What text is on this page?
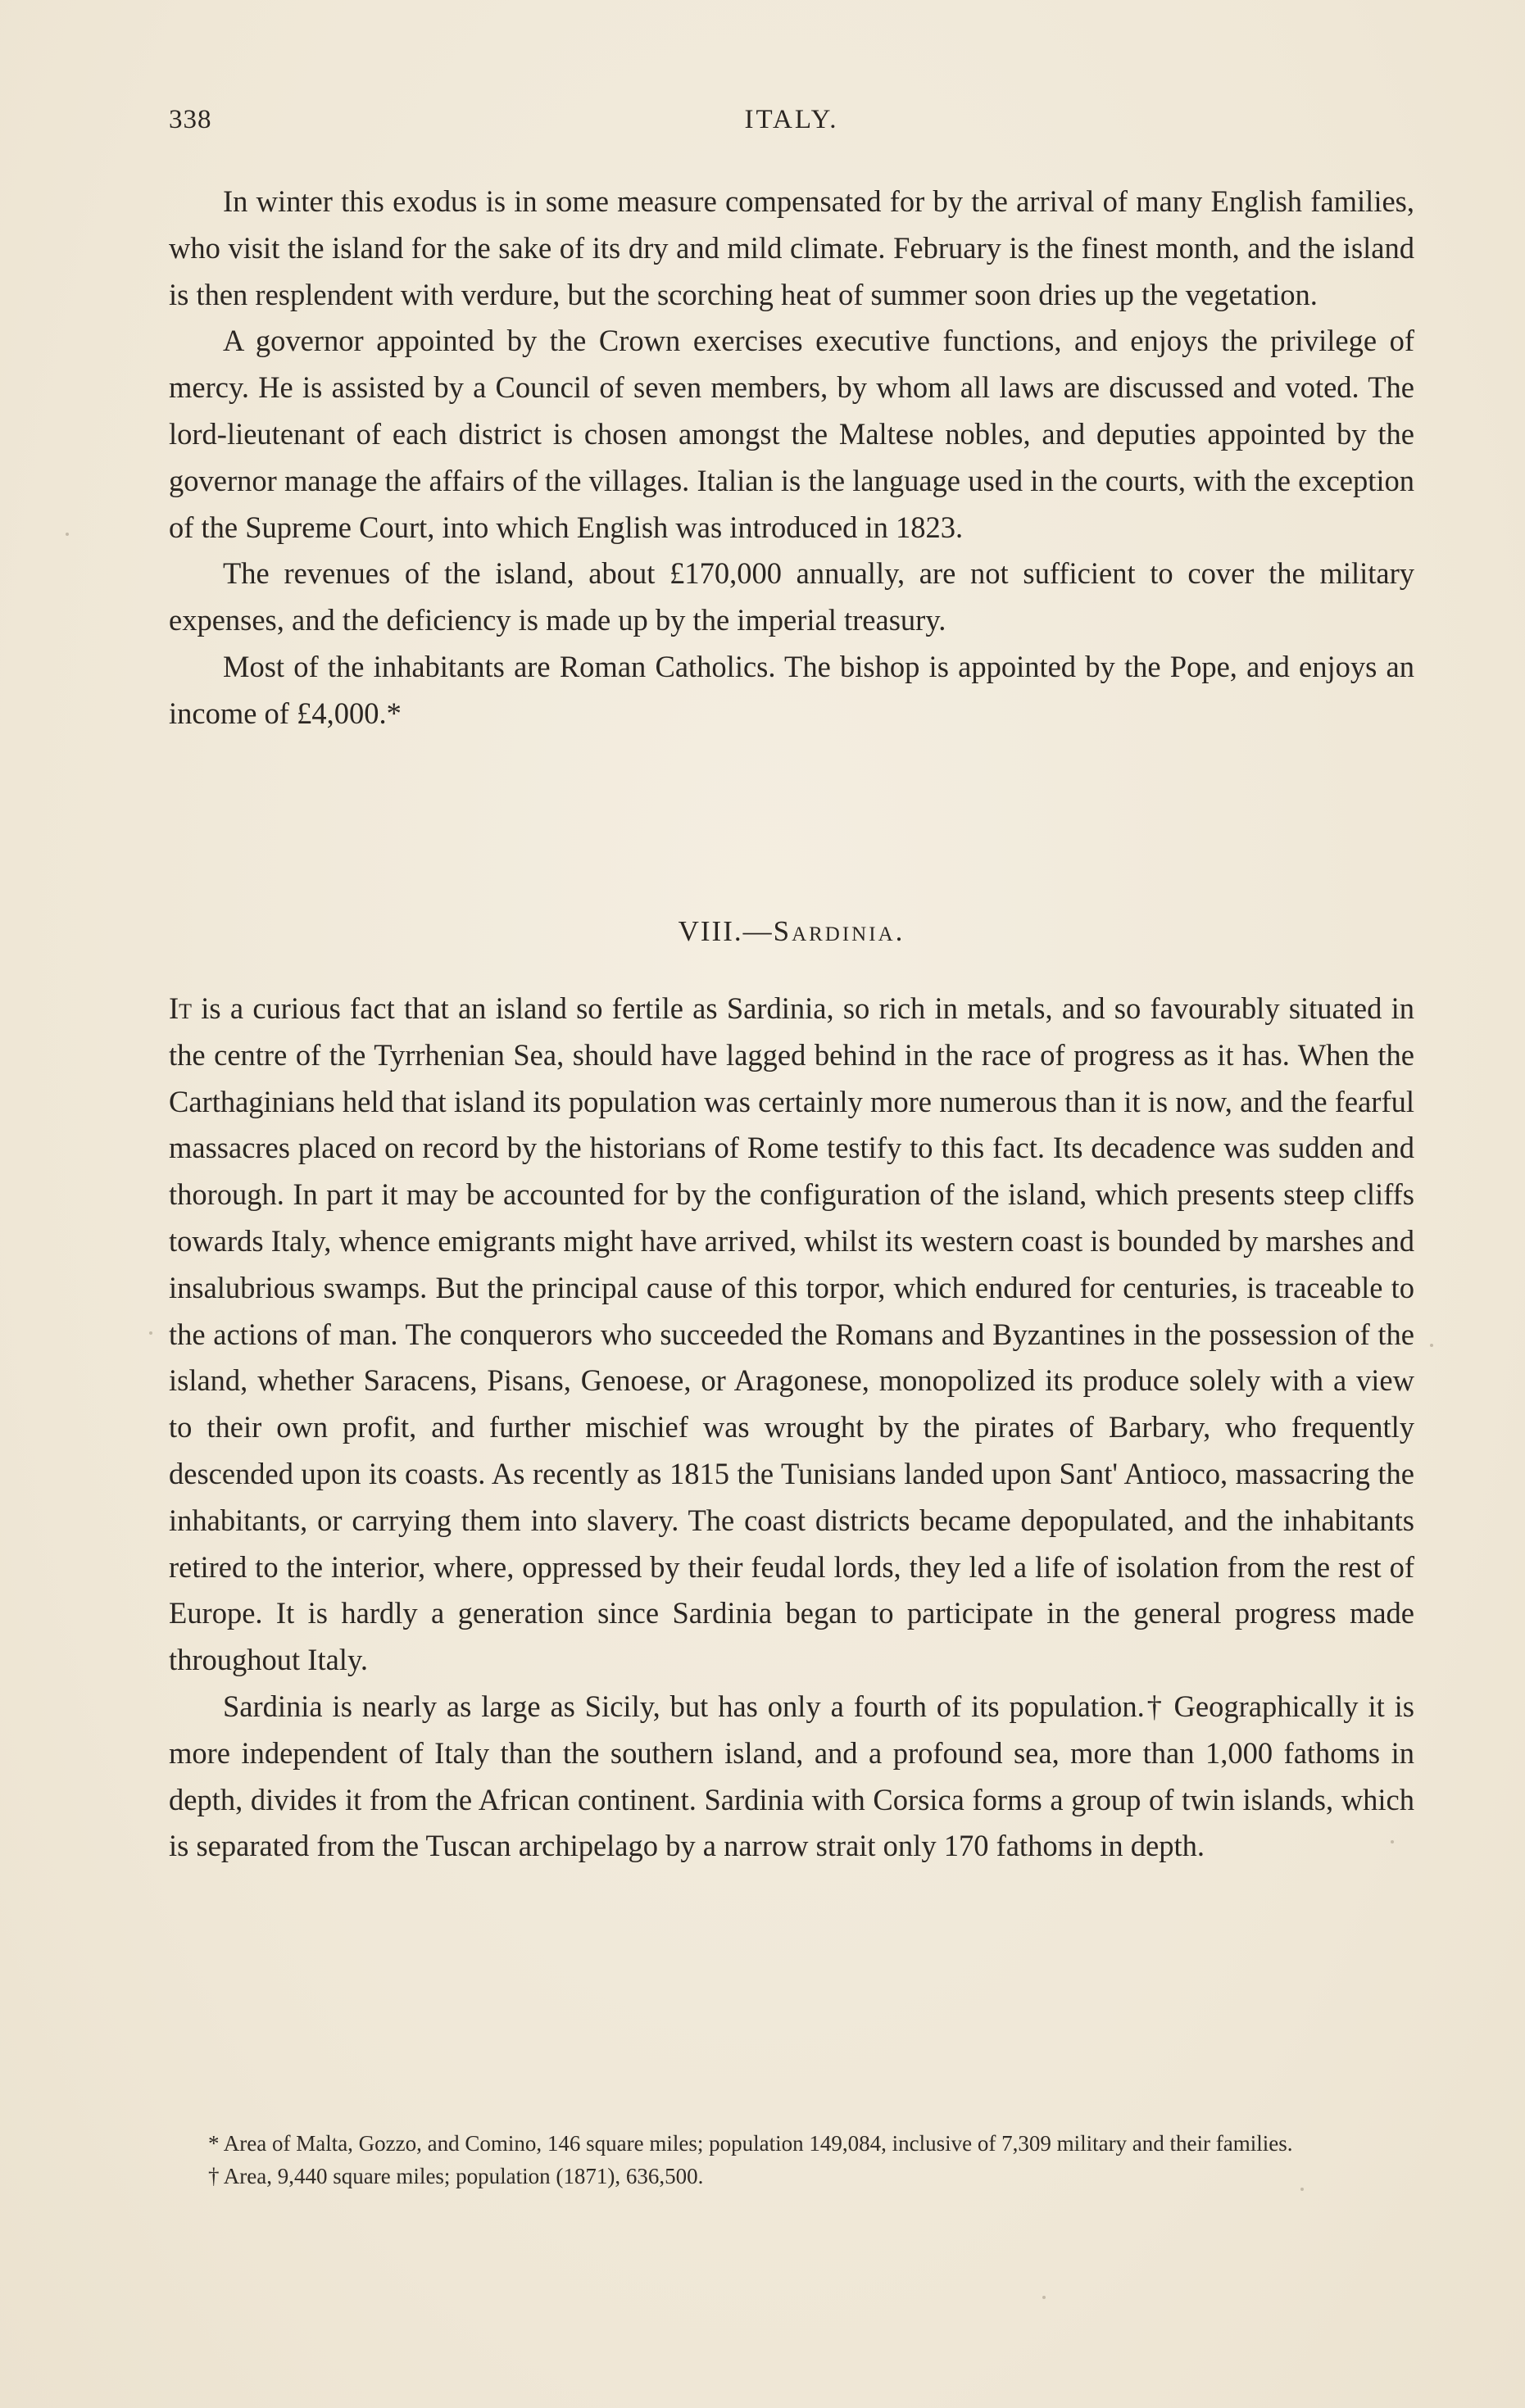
338	ITALY.

In winter this exodus is in some measure compensated for by the arrival of many English families, who visit the island for the sake of its dry and mild climate. February is the finest month, and the island is then resplendent with verdure, but the scorching heat of summer soon dries up the vegetation.

A governor appointed by the Crown exercises executive functions, and enjoys the privilege of mercy. He is assisted by a Council of seven members, by whom all laws are discussed and voted. The lord-lieutenant of each district is chosen amongst the Maltese nobles, and deputies appointed by the governor manage the affairs of the villages. Italian is the language used in the courts, with the exception of the Supreme Court, into which English was introduced in 1823.

The revenues of the island, about £170,000 annually, are not sufficient to cover the military expenses, and the deficiency is made up by the imperial treasury.

Most of the inhabitants are Roman Catholics. The bishop is appointed by the Pope, and enjoys an income of £4,000.*

VIII.—Sardinia.

It is a curious fact that an island so fertile as Sardinia, so rich in metals, and so favourably situated in the centre of the Tyrrhenian Sea, should have lagged behind in the race of progress as it has. When the Carthaginians held that island its population was certainly more numerous than it is now, and the fearful massacres placed on record by the historians of Rome testify to this fact. Its decadence was sudden and thorough. In part it may be accounted for by the configuration of the island, which presents steep cliffs towards Italy, whence emigrants might have arrived, whilst its western coast is bounded by marshes and insalubrious swamps. But the principal cause of this torpor, which endured for centuries, is traceable to the actions of man. The conquerors who succeeded the Romans and Byzantines in the possession of the island, whether Saracens, Pisans, Genoese, or Aragonese, monopolized its produce solely with a view to their own profit, and further mischief was wrought by the pirates of Barbary, who frequently descended upon its coasts. As recently as 1815 the Tunisians landed upon Sant' Antioco, massacring the inhabitants, or carrying them into slavery. The coast districts became depopulated, and the inhabitants retired to the interior, where, oppressed by their feudal lords, they led a life of isolation from the rest of Europe. It is hardly a generation since Sardinia began to participate in the general progress made throughout Italy.

Sardinia is nearly as large as Sicily, but has only a fourth of its population.† Geographically it is more independent of Italy than the southern island, and a profound sea, more than 1,000 fathoms in depth, divides it from the African continent. Sardinia with Corsica forms a group of twin islands, which is separated from the Tuscan archipelago by a narrow strait only 170 fathoms in depth.

* Area of Malta, Gozzo, and Comino, 146 square miles; population 149,084, inclusive of 7,309 military and their families.

† Area, 9,440 square miles; population (1871), 636,500.
